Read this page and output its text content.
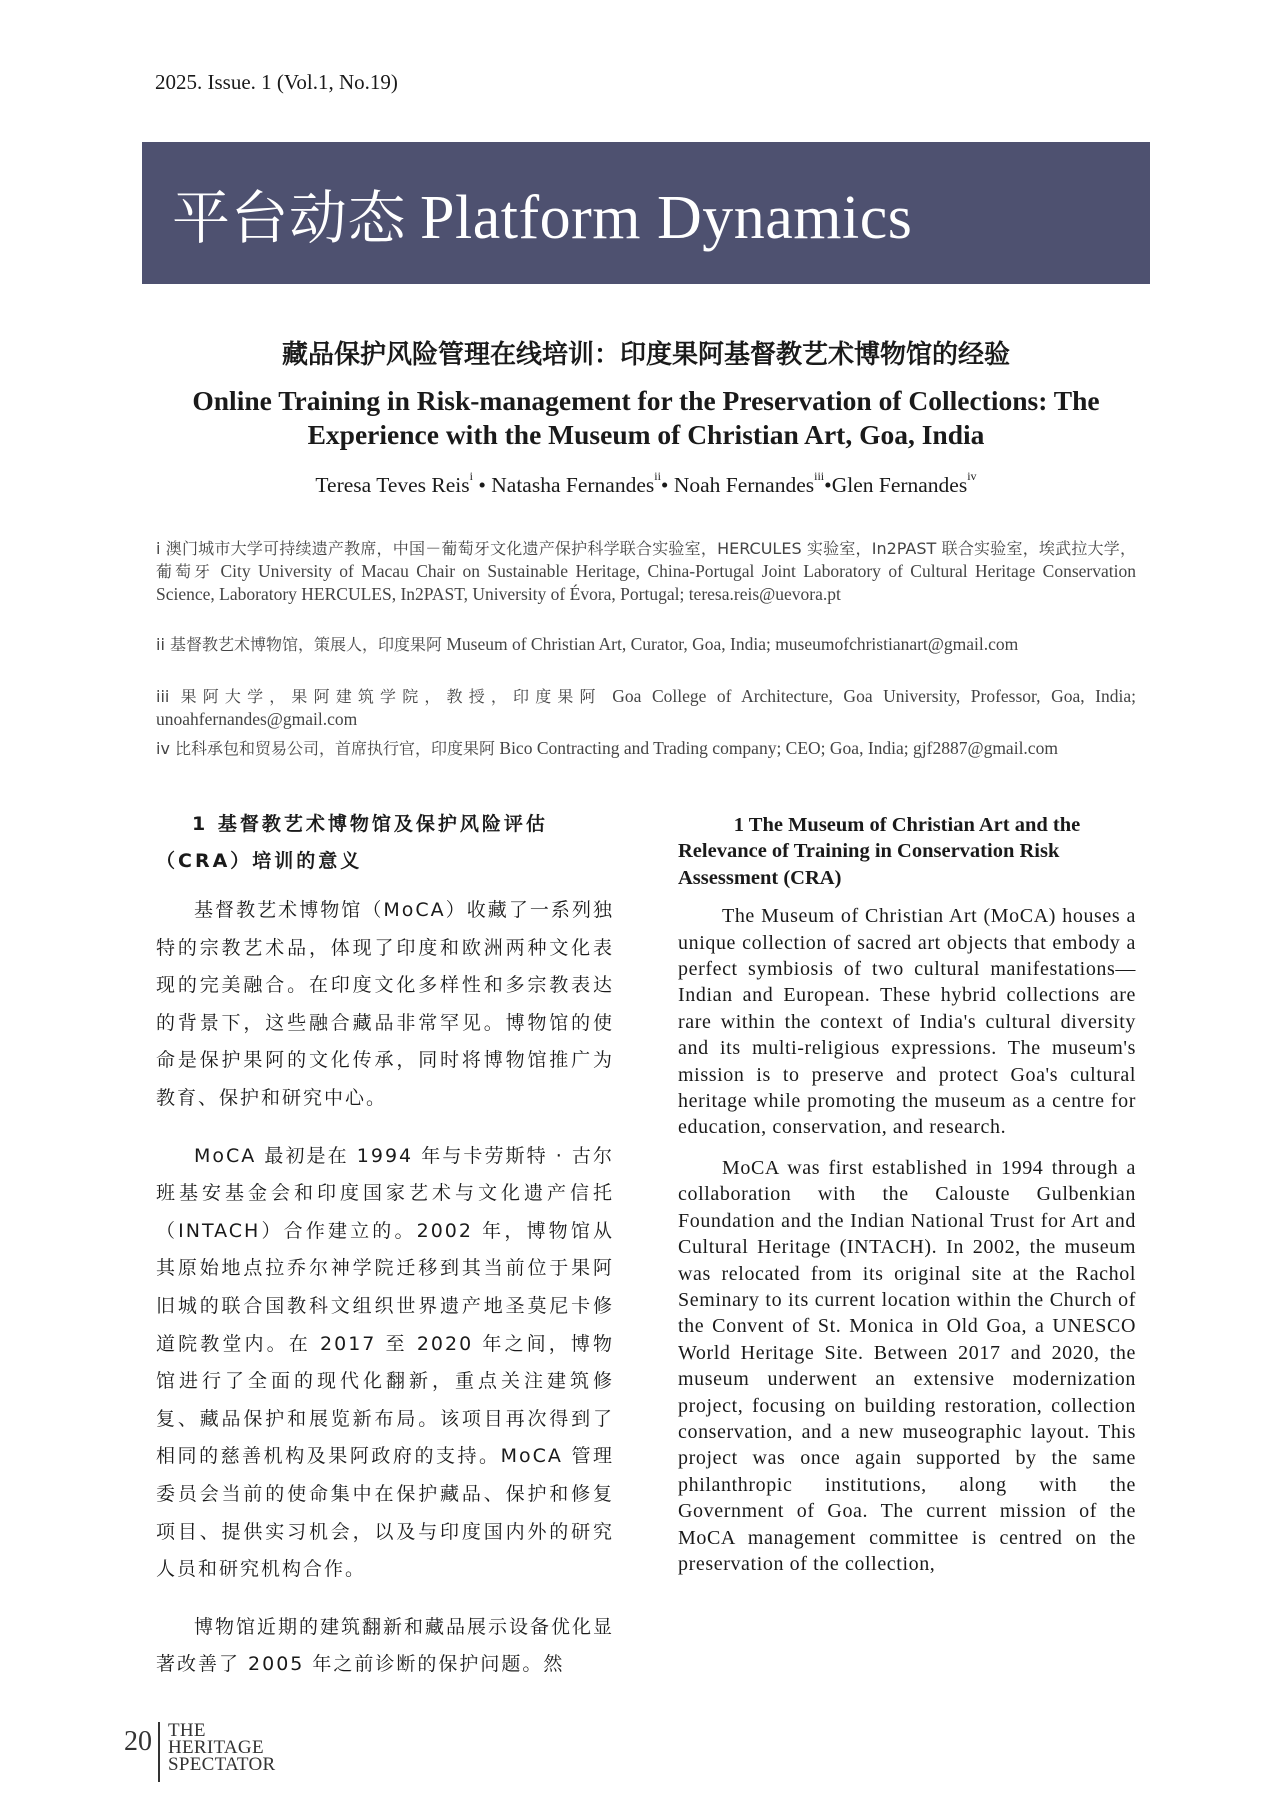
2025. Issue. 1 (Vol.1, No.19)
平台动态 Platform Dynamics
藏品保护风险管理在线培训：印度果阿基督教艺术博物馆的经验
Online Training in Risk-management for the Preservation of Collections: The Experience with the Museum of Christian Art, Goa, India
Teresa Teves Reis$^i$ • Natasha Fernandes$^{ii}$• Noah Fernandes$^{iii}$•Glen Fernandes$^{iv}$
i 澳门城市大学可持续遗产教席，中国－葡萄牙文化遗产保护科学联合实验室，HERCULES 实验室，In2PAST 联合实验室，埃武拉大学，葡萄牙 City University of Macau Chair on Sustainable Heritage, China-Portugal Joint Laboratory of Cultural Heritage Conservation Science, Laboratory HERCULES, In2PAST, University of Évora, Portugal; teresa.reis@uevora.pt
ii 基督教艺术博物馆，策展人，印度果阿 Museum of Christian Art, Curator, Goa, India; museumofchristianart@gmail.com
iii 果阿大学，果阿建筑学院，教授，印度果阿 Goa College of Architecture, Goa University, Professor, Goa, India; unoahfernandes@gmail.com
iv 比科承包和贸易公司，首席执行官，印度果阿 Bico Contracting and Trading company; CEO; Goa, India; gjf2887@gmail.com
1 基督教艺术博物馆及保护风险评估（CRA）培训的意义

基督教艺术博物馆（MoCA）收藏了一系列独特的宗教艺术品，体现了印度和欧洲两种文化表现的完美融合。在印度文化多样性和多宗教表达的背景下，这些融合藏品非常罕见。博物馆的使命是保护果阿的文化传承，同时将博物馆推广为教育、保护和研究中心。

MoCA 最初是在 1994 年与卡劳斯特 · 古尔班基安基金会和印度国家艺术与文化遗产信托（INTACH）合作建立的。2002 年，博物馆从其原始地点拉乔尔神学院迁移到其当前位于果阿旧城的联合国教科文组织世界遗产地圣莫尼卡修道院教堂内。在 2017 至 2020 年之间，博物馆进行了全面的现代化翻新，重点关注建筑修复、藏品保护和展览新布局。该项目再次得到了相同的慈善机构及果阿政府的支持。MoCA 管理委员会当前的使命集中在保护藏品、保护和修复项目、提供实习机会，以及与印度国内外的研究人员和研究机构合作。

博物馆近期的建筑翻新和藏品展示设备优化显著改善了 2005 年之前诊断的保护问题。然

1 The Museum of Christian Art and the
Relevance of Training in Conservation Risk Assessment (CRA)

The Museum of Christian Art (MoCA) houses a unique collection of sacred art objects that embody a perfect symbiosis of two cultural manifestations—Indian and European. These hybrid collections are rare within the context of India's cultural diversity and its multi-religious expressions. The museum's mission is to preserve and protect Goa's cultural heritage while promoting the museum as a centre for education, conservation, and research.

MoCA was first established in 1994 through a collaboration with the Calouste Gulbenkian Foundation and the Indian National Trust for Art and Cultural Heritage (INTACH). In 2002, the museum was relocated from its original site at the Rachol Seminary to its current location within the Church of the Convent of St. Monica in Old Goa, a UNESCO World Heritage Site. Between 2017 and 2020, the museum underwent an extensive modernization project, focusing on building restoration, collection conservation, and a new museographic layout. This project was once again supported by the same philanthropic institutions, along with the Government of Goa. The current mission of the MoCA management committee is centred on the preservation of the collection,

20 THE
HERITAGE
SPECTATOR
